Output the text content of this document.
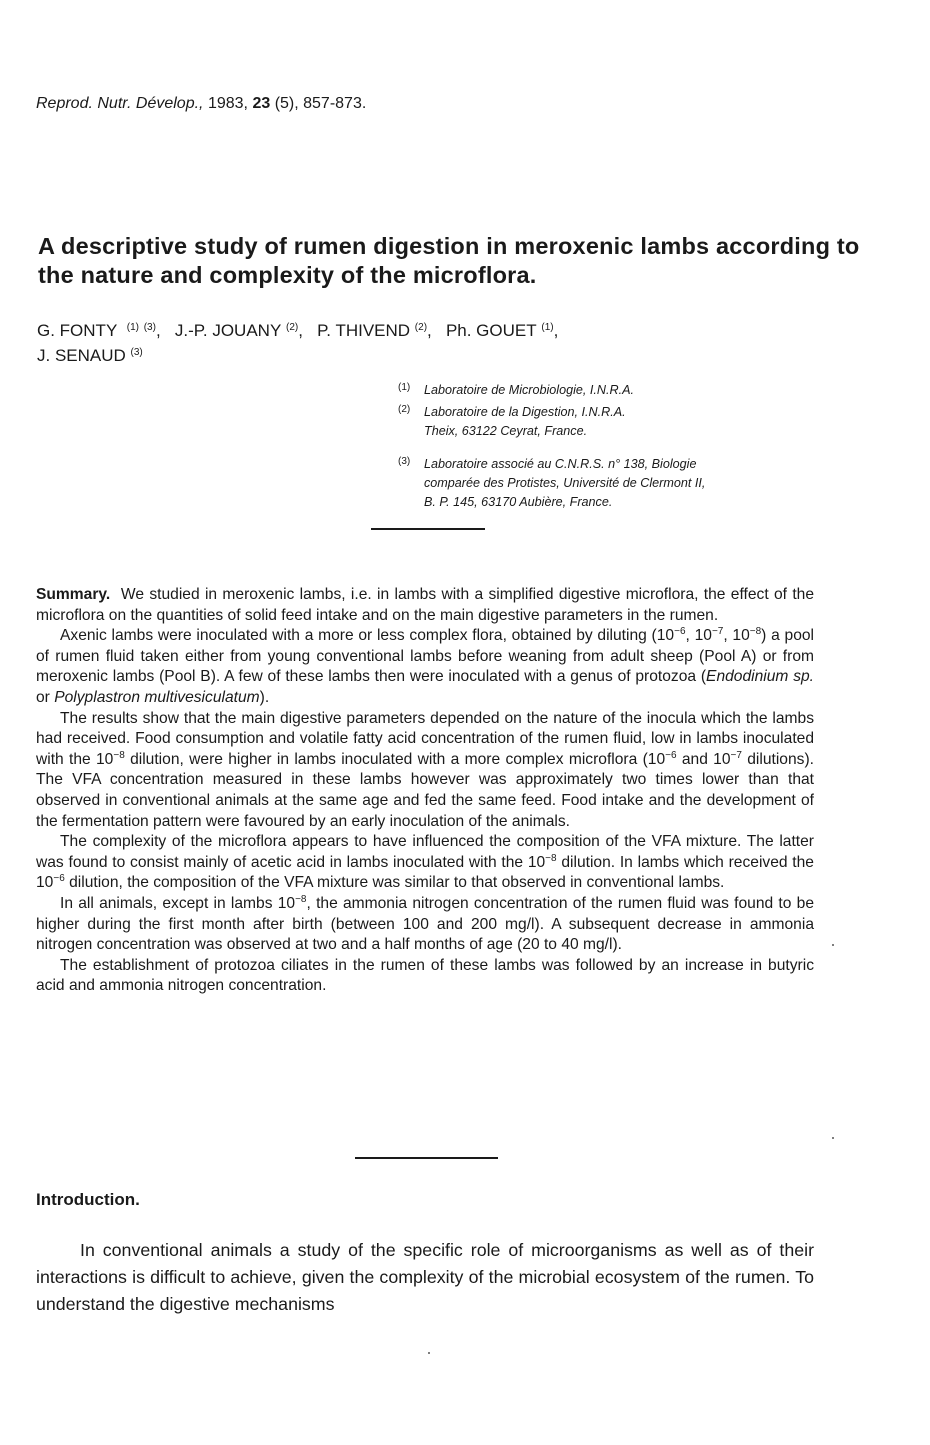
Reprod. Nutr. Dévelop., 1983, 23 (5), 857-873.
A descriptive study of rumen digestion in meroxenic lambs according to the nature and complexity of the microflora.
G. FONTY $^{(1)}$ $^{(3)}$,   J.-P. JOUANY $^{(2)}$,   P. THIVEND $^{(2)}$,   Ph. GOUET $^{(1)}$,
J. SENAUD $^{(3)}$
(1) Laboratoire de Microbiologie, I.N.R.A.
(2) Laboratoire de la Digestion, I.N.R.A.
Theix, 63122 Ceyrat, France.
(3) Laboratoire associé au C.N.R.S. n° 138, Biologie
comparée des Protistes, Université de Clermont II,
B. P. 145, 63170 Aubière, France.

Summary. We studied in meroxenic lambs, i.e. in lambs with a simplified digestive microflora, the effect of the microflora on the quantities of solid feed intake and on the main digestive parameters in the rumen.

Axenic lambs were inoculated with a more or less complex flora, obtained by diluting ($10^{-6}$, $10^{-7}$, $10^{-8}$) a pool of rumen fluid taken either from young conventional lambs before weaning from adult sheep (Pool A) or from meroxenic lambs (Pool B). A few of these lambs then were inoculated with a genus of protozoa (Endodinium sp. or Polyplastron multivesiculatum).

The results show that the main digestive parameters depended on the nature of the inocula which the lambs had received. Food consumption and volatile fatty acid concentration of the rumen fluid, low in lambs inoculated with the $10^{-8}$ dilution, were higher in lambs inoculated with a more complex microflora ($10^{-6}$ and $10^{-7}$ dilutions). The VFA concentration measured in these lambs however was approximately two times lower than that observed in conventional animals at the same age and fed the same feed. Food intake and the development of the fermentation pattern were favoured by an early inoculation of the animals.

The complexity of the microflora appears to have influenced the composition of the VFA mixture. The latter was found to consist mainly of acetic acid in lambs inoculated with the $10^{-8}$ dilution. In lambs which received the $10^{-6}$ dilution, the composition of the VFA mixture was similar to that observed in conventional lambs.

In all animals, except in lambs $10^{-8}$, the ammonia nitrogen concentration of the rumen fluid was found to be higher during the first month after birth (between 100 and 200 mg/l). A subsequent decrease in ammonia nitrogen concentration was observed at two and a half months of age (20 to 40 mg/l).

The establishment of protozoa ciliates in the rumen of these lambs was followed by an increase in butyric acid and ammonia nitrogen concentration.

Introduction.

In conventional animals a study of the specific role of microorganisms as well as of their interactions is difficult to achieve, given the complexity of the microbial ecosystem of the rumen. To understand the digestive mechanisms
